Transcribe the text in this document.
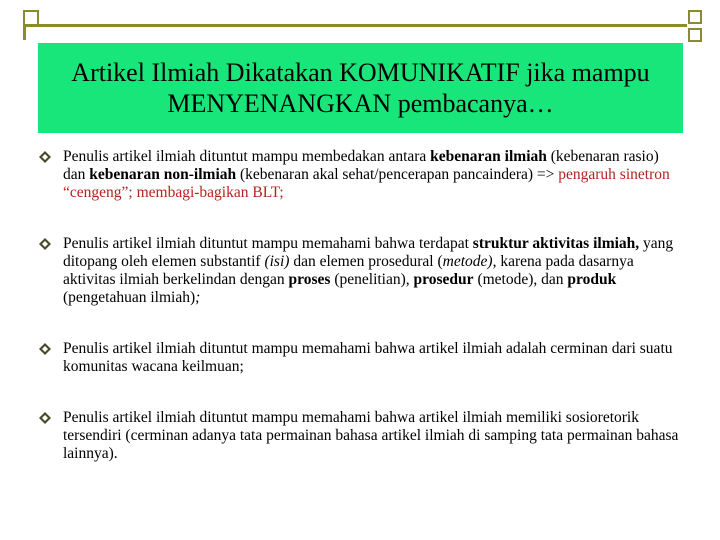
Artikel Ilmiah Dikatakan KOMUNIKATIF jika mampu MENYENANGKAN pembacanya…
Penulis artikel ilmiah dituntut mampu membedakan antara kebenaran ilmiah (kebenaran rasio) dan kebenaran non-ilmiah (kebenaran akal sehat/pencerapan pancaindera) => pengaruh sinetron “cengeng”; membagi-bagikan BLT;
Penulis artikel ilmiah dituntut mampu memahami bahwa terdapat struktur aktivitas ilmiah, yang ditopang oleh elemen substantif (isi) dan elemen prosedural (metode), karena pada dasarnya aktivitas ilmiah berkelindan dengan proses (penelitian), prosedur (metode), dan produk (pengetahuan ilmiah);
Penulis artikel ilmiah dituntut mampu memahami bahwa artikel ilmiah adalah cerminan dari suatu komunitas wacana keilmuan;
Penulis artikel ilmiah dituntut mampu memahami bahwa artikel ilmiah memiliki sosioretorik tersendiri (cerminan adanya tata permainan bahasa artikel ilmiah di samping tata permainan bahasa lainnya).
